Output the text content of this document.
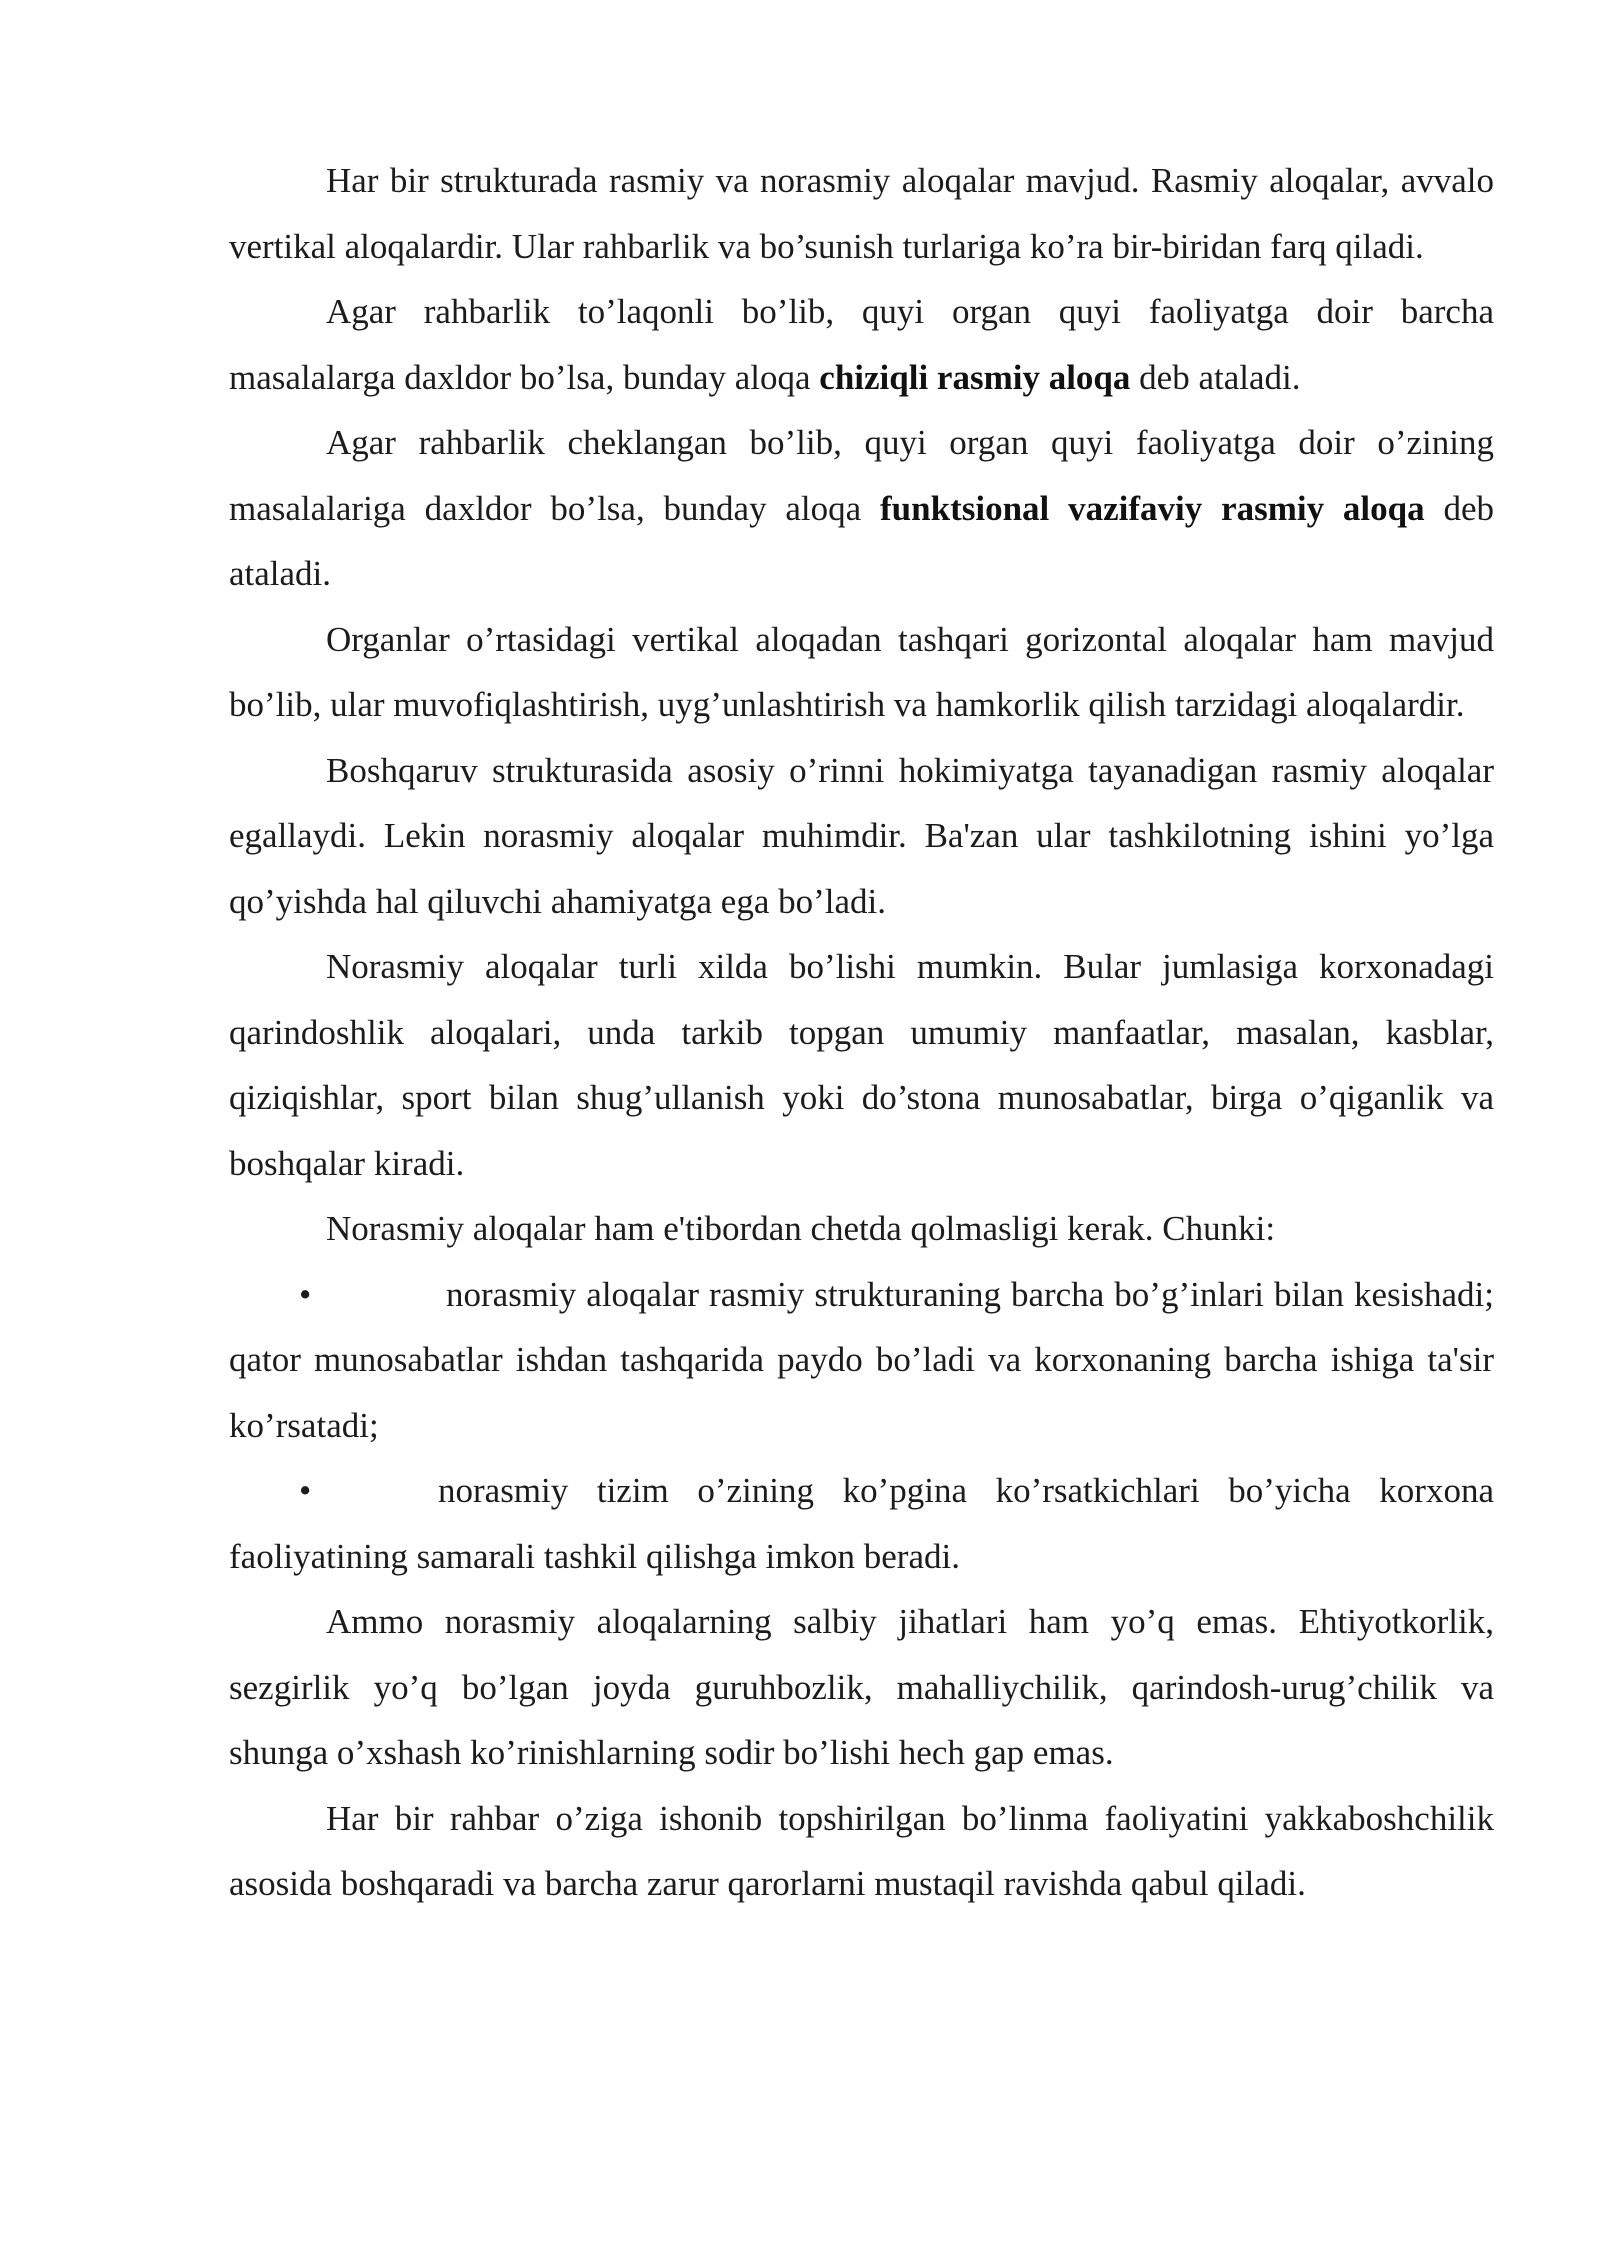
Har bir strukturada rasmiy va norasmiy aloqalar mavjud. Rasmiy aloqalar, avvalo vertikal aloqalardir. Ular rahbarlik va bo’sunish turlariga ko’ra bir-biridan farq qiladi.

Agar rahbarlik to’laqonli bo’lib, quyi organ quyi faoliyatga doir barcha masalalarga daxldor bo’lsa, bunday aloqa chiziqli rasmiy aloqa deb ataladi.

Agar rahbarlik cheklangan bo’lib, quyi organ quyi faoliyatga doir o’zining masalalariga daxldor bo’lsa, bunday aloqa funktsional vazifaviy rasmiy aloqa deb ataladi.

Organlar o’rtasidagi vertikal aloqadan tashqari gorizontal aloqalar ham mavjud bo’lib, ular muvofiqlashtirish, uyg’unlashtirish va hamkorlik qilish tarzidagi aloqalardir.

Boshqaruv strukturasida asosiy o’rinni hokimiyatga tayanadigan rasmiy aloqalar egallaydi. Lekin norasmiy aloqalar muhimdir. Ba'zan ular tashkilotning ishini yo’lga qo’yishda hal qiluvchi ahamiyatga ega bo’ladi.

Norasmiy aloqalar turli xilda bo’lishi mumkin. Bular jumlasiga korxonadagi qarindoshlik aloqalari, unda tarkib topgan umumiy manfaatlar, masalan, kasblar, qiziqishlar, sport bilan shug’ullanish yoki do’stona munosabatlar, birga o’qiganlik va boshqalar kiradi.

Norasmiy aloqalar ham e'tibordan chetda qolmasligi kerak. Chunki:

•	norasmiy aloqalar rasmiy strukturaning barcha bo’g’inlari bilan kesishadi; qator munosabatlar ishdan tashqarida paydo bo’ladi va korxonaning barcha ishiga ta'sir ko’rsatadi;

•	norasmiy tizim o’zining ko’pgina ko’rsatkichlari bo’yicha korxona faoliyatining samarali tashkil qilishga imkon beradi.

Ammo norasmiy aloqalarning salbiy jihatlari ham yo’q emas. Ehtiyotkorlik, sezgirlik yo’q bo’lgan joyda guruhbozlik, mahalliychilik, qarindosh-urug’chilik va shunga o’xshash ko’rinishlarning sodir bo’lishi hech gap emas.

Har bir rahbar o’ziga ishonib topshirilgan bo’linma faoliyatini yakkaboshchilik asosida boshqaradi va barcha zarur qarorlarni mustaqil ravishda qabul qiladi.
